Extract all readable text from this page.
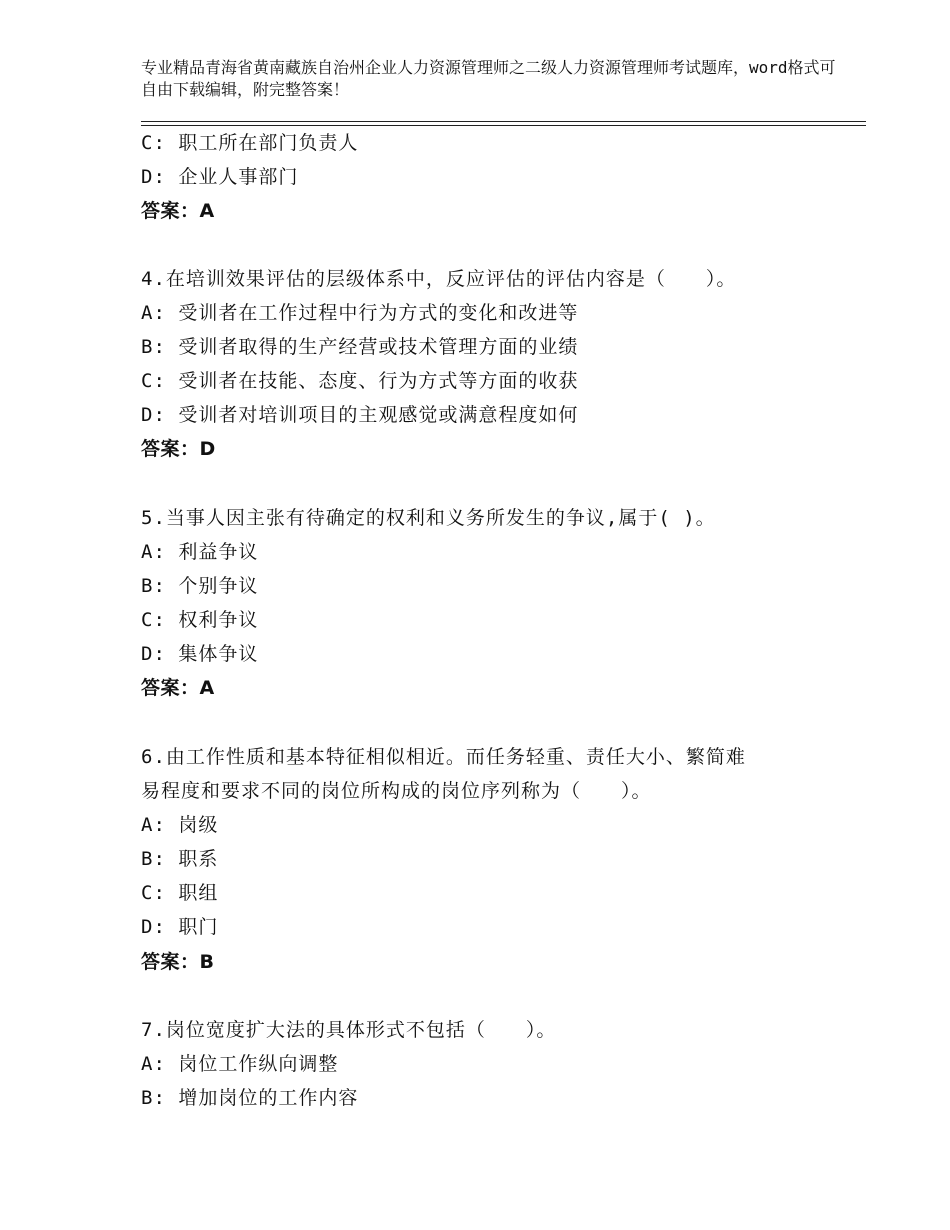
专业精品青海省黄南藏族自治州企业人力资源管理师之二级人力资源管理师考试题库，word格式可自由下载编辑，附完整答案！
C: 职工所在部门负责人
D: 企业人事部门
答案：A
4.在培训效果评估的层级体系中，反应评估的评估内容是（　　）。
A: 受训者在工作过程中行为方式的变化和改进等
B: 受训者取得的生产经营或技术管理方面的业绩
C: 受训者在技能、态度、行为方式等方面的收获
D: 受训者对培训项目的主观感觉或满意程度如何
答案：D
5.当事人因主张有待确定的权利和义务所发生的争议,属于( )。
A: 利益争议
B: 个别争议
C: 权利争议
D: 集体争议
答案：A
6.由工作性质和基本特征相似相近。而任务轻重、责任大小、繁简难
易程度和要求不同的岗位所构成的岗位序列称为（　　）。
A: 岗级
B: 职系
C: 职组
D: 职门
答案：B
7.岗位宽度扩大法的具体形式不包括（　　）。
A: 岗位工作纵向调整
B: 增加岗位的工作内容
